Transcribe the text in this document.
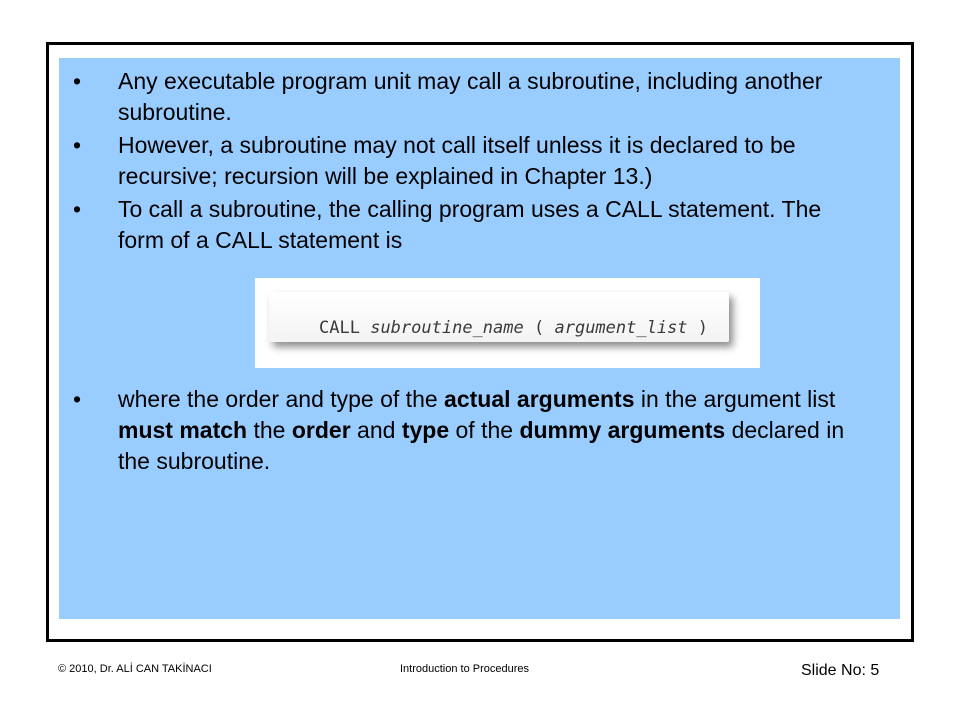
• Any executable program unit may call a subroutine, including another subroutine.
• However, a subroutine may not call itself unless it is declared to be recursive; recursion will be explained in Chapter 13.)
• To call a subroutine, the calling program uses a CALL statement. The form of a CALL statement is
CALL subroutine_name ( argument_list )
• where the order and type of the actual arguments in the argument list must match the order and type of the dummy arguments declared in the subroutine.
© 2010, Dr. ALİ CAN TAKİNACI	Introduction to Procedures	Slide No: 5
